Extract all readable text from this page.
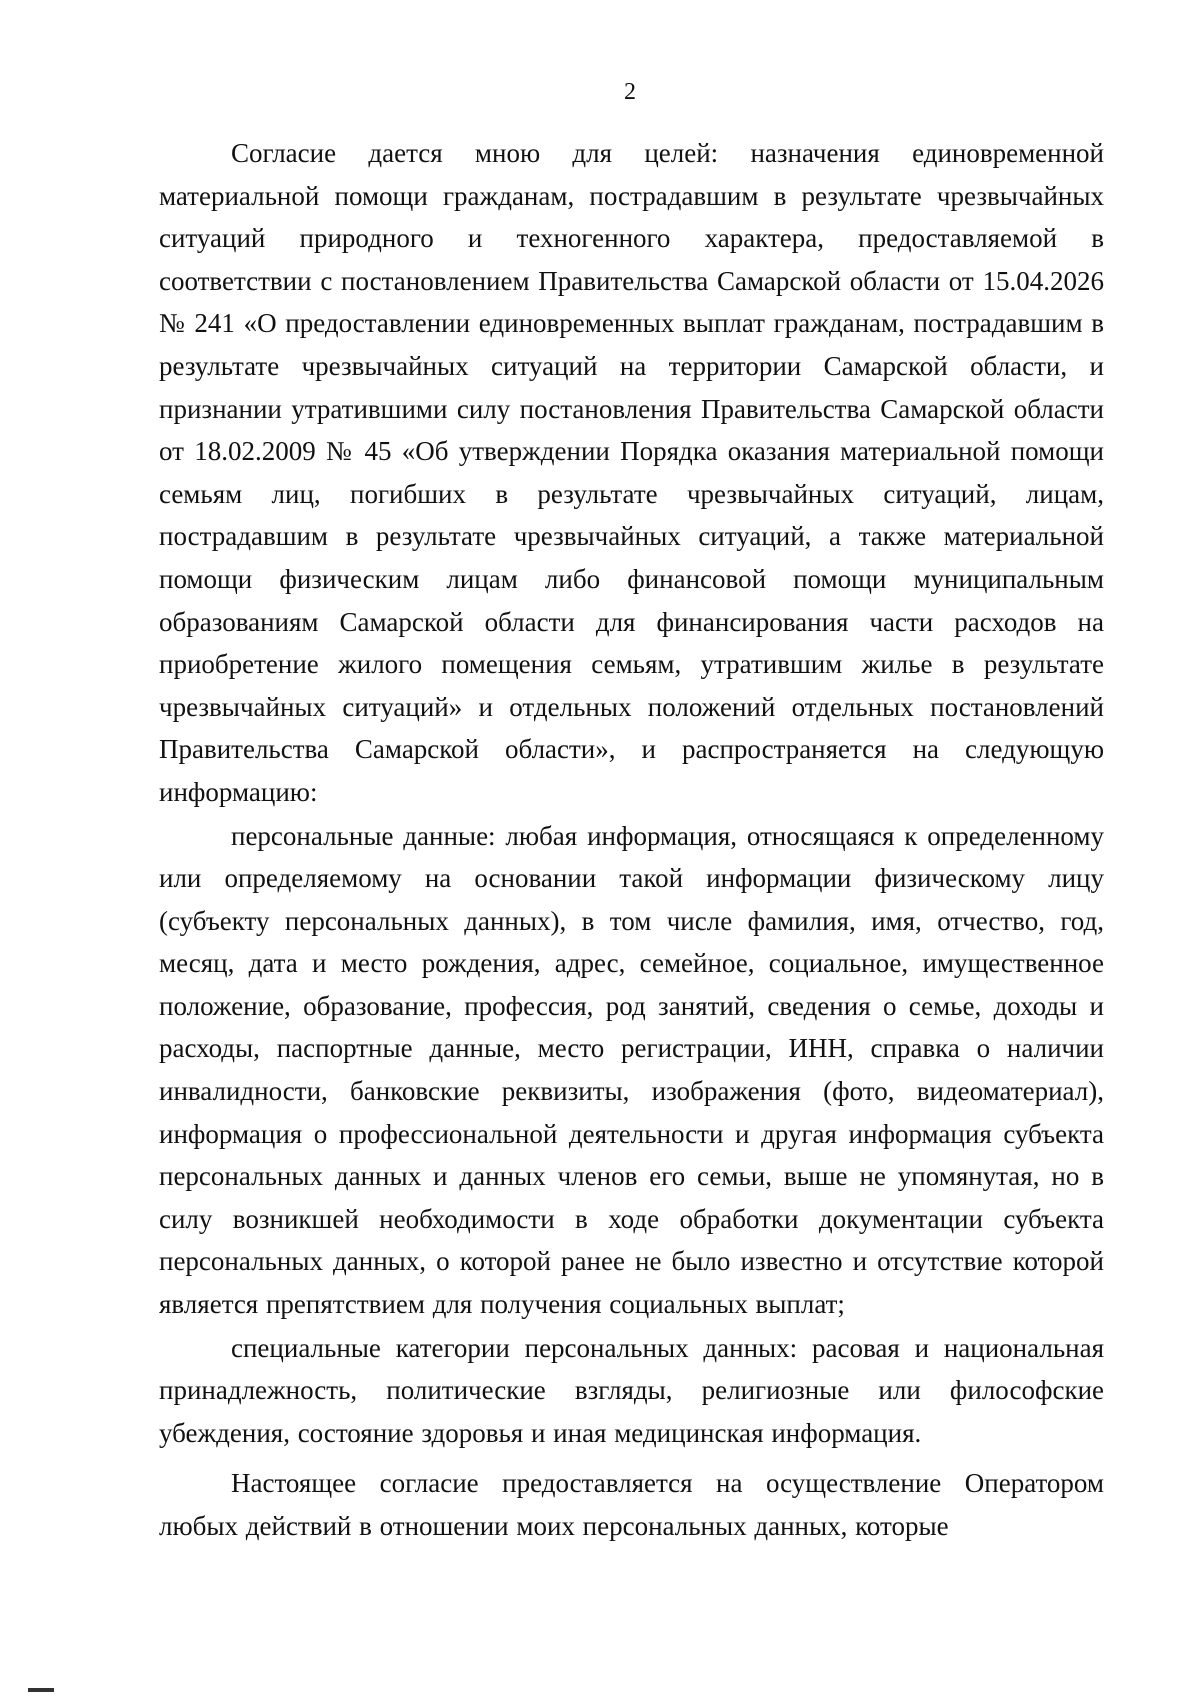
2

Согласие дается мною для целей: назначения единовременной материальной помощи гражданам, пострадавшим в результате чрезвычайных ситуаций природного и техногенного характера, предоставляемой в соответствии с постановлением Правительства Самарской области от 15.04.2026 № 241 «О предоставлении единовременных выплат гражданам, пострадавшим в результате чрезвычайных ситуаций на территории Самарской области, и признании утратившими силу постановления Правительства Самарской области от 18.02.2009 № 45 «Об утверждении Порядка оказания материальной помощи семьям лиц, погибших в результате чрезвычайных ситуаций, лицам, пострадавшим в результате чрезвычайных ситуаций, а также материальной помощи физическим лицам либо финансовой помощи муниципальным образованиям Самарской области для финансирования части расходов на приобретение жилого помещения семьям, утратившим жилье в результате чрезвычайных ситуаций» и отдельных положений отдельных постановлений Правительства Самарской области», и распространяется на следующую информацию:

персональные данные: любая информация, относящаяся к определенному или определяемому на основании такой информации физическому лицу (субъекту персональных данных), в том числе фамилия, имя, отчество, год, месяц, дата и место рождения, адрес, семейное, социальное, имущественное положение, образование, профессия, род занятий, сведения о семье, доходы и расходы, паспортные данные, место регистрации, ИНН, справка о наличии инвалидности, банковские реквизиты, изображения (фото, видеоматериал), информация о профессиональной деятельности и другая информация субъекта персональных данных и данных членов его семьи, выше не упомянутая, но в силу возникшей необходимости в ходе обработки документации субъекта персональных данных, о которой ранее не было известно и отсутствие которой является препятствием для получения социальных выплат;

специальные категории персональных данных: расовая и национальная принадлежность, политические взгляды, религиозные или философские убеждения, состояние здоровья и иная медицинская информация.

Настоящее согласие предоставляется на осуществление Оператором любых действий в отношении моих персональных данных, которые
